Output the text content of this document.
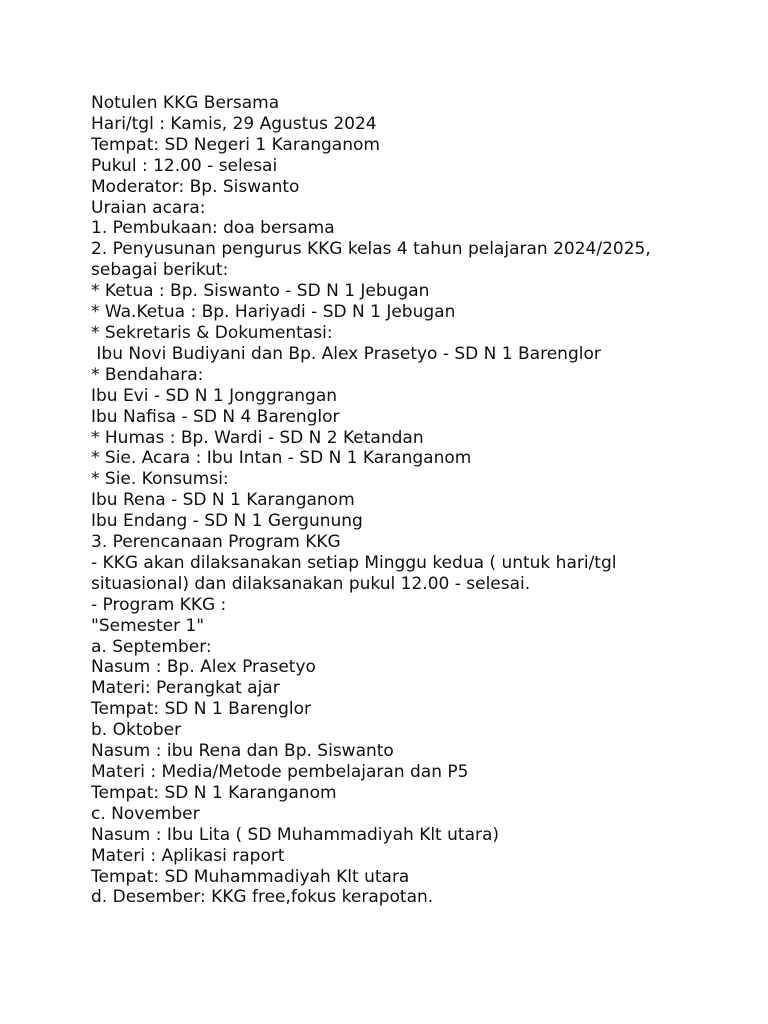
Notulen KKG Bersama

Hari/tgl : Kamis, 29 Agustus 2024

Tempat: SD Negeri 1 Karanganom

Pukul : 12.00 - selesai

Moderator: Bp. Siswanto

Uraian acara:

1. Pembukaan: doa bersama

2. Penyusunan pengurus KKG kelas 4 tahun pelajaran 2024/2025,

sebagai berikut:

* Ketua : Bp. Siswanto - SD N 1 Jebugan

* Wa.Ketua : Bp. Hariyadi - SD N 1 Jebugan

* Sekretaris & Dokumentasi:

Ibu Novi Budiyani dan Bp. Alex Prasetyo - SD N 1 Barenglor

* Bendahara:

Ibu Evi - SD N 1 Jonggrangan

Ibu Nafisa - SD N 4 Barenglor

* Humas : Bp. Wardi - SD N 2 Ketandan

* Sie. Acara : Ibu Intan - SD N 1 Karanganom

* Sie. Konsumsi:

Ibu Rena - SD N 1 Karanganom

Ibu Endang - SD N 1 Gergunung

3. Perencanaan Program KKG

- KKG akan dilaksanakan setiap Minggu kedua ( untuk hari/tgl

situasional) dan dilaksanakan pukul 12.00 - selesai.

- Program KKG :

"Semester 1"

a. September:

Nasum : Bp. Alex Prasetyo

Materi: Perangkat ajar

Tempat: SD N 1 Barenglor

b. Oktober

Nasum : ibu Rena dan Bp. Siswanto

Materi : Media/Metode pembelajaran dan P5

Tempat: SD N 1 Karanganom

c. November

Nasum : Ibu Lita ( SD Muhammadiyah Klt utara)

Materi : Aplikasi raport

Tempat: SD Muhammadiyah Klt utara

d. Desember: KKG free,fokus kerapotan.
